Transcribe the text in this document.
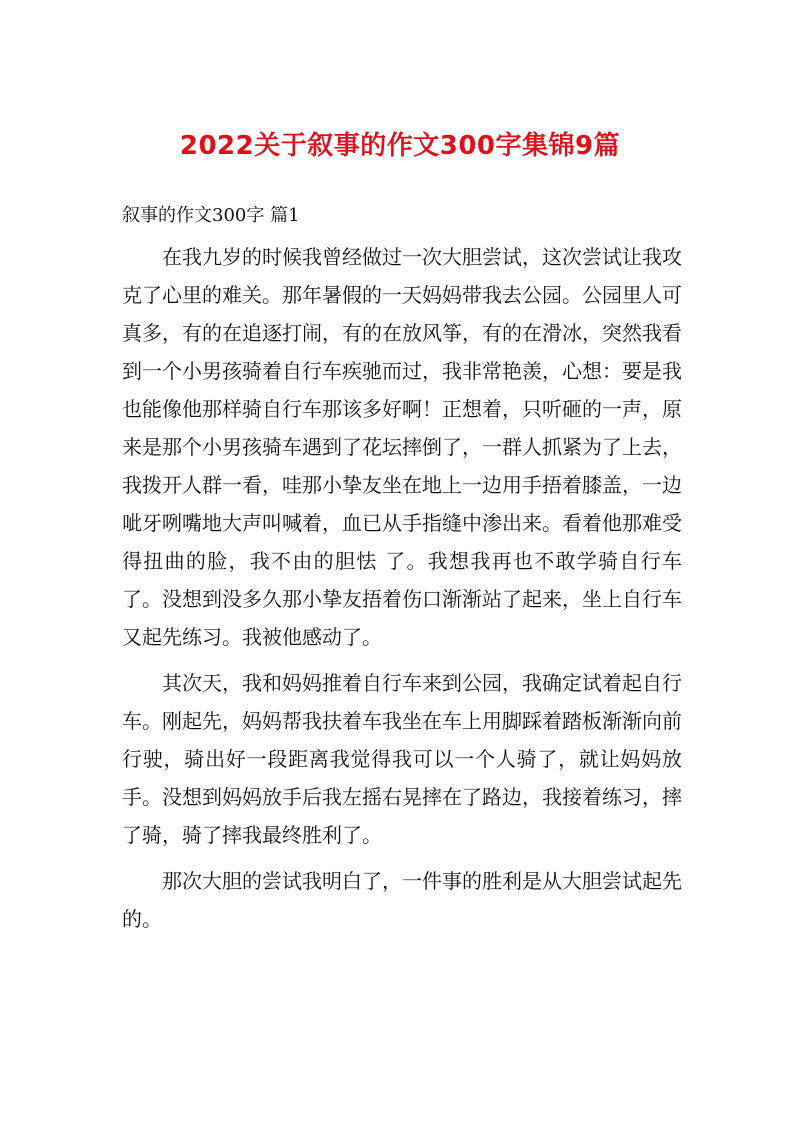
2022关于叙事的作文300字集锦9篇

叙事的作文300字 篇1

在我九岁的时候我曾经做过一次大胆尝试，这次尝试让我攻克了心里的难关。那年暑假的一天妈妈带我去公园。公园里人可真多，有的在追逐打闹，有的在放风筝，有的在滑冰，突然我看到一个小男孩骑着自行车疾驰而过，我非常艳羡，心想：要是我也能像他那样骑自行车那该多好啊！正想着，只听砸的一声，原来是那个小男孩骑车遇到了花坛摔倒了，一群人抓紧为了上去，我拨开人群一看，哇那小挚友坐在地上一边用手捂着膝盖，一边呲牙咧嘴地大声叫喊着，血已从手指缝中渗出来。看着他那难受得扭曲的脸，我不由的胆怯 了。我想我再也不敢学骑自行车了。没想到没多久那小挚友捂着伤口渐渐站了起来，坐上自行车又起先练习。我被他感动了。

其次天，我和妈妈推着自行车来到公园，我确定试着起自行车。刚起先，妈妈帮我扶着车我坐在车上用脚踩着踏板渐渐向前行驶，骑出好一段距离我觉得我可以一个人骑了，就让妈妈放手。没想到妈妈放手后我左摇右晃摔在了路边，我接着练习，摔了骑，骑了摔我最终胜利了。

那次大胆的尝试我明白了，一件事的胜利是从大胆尝试起先的。
